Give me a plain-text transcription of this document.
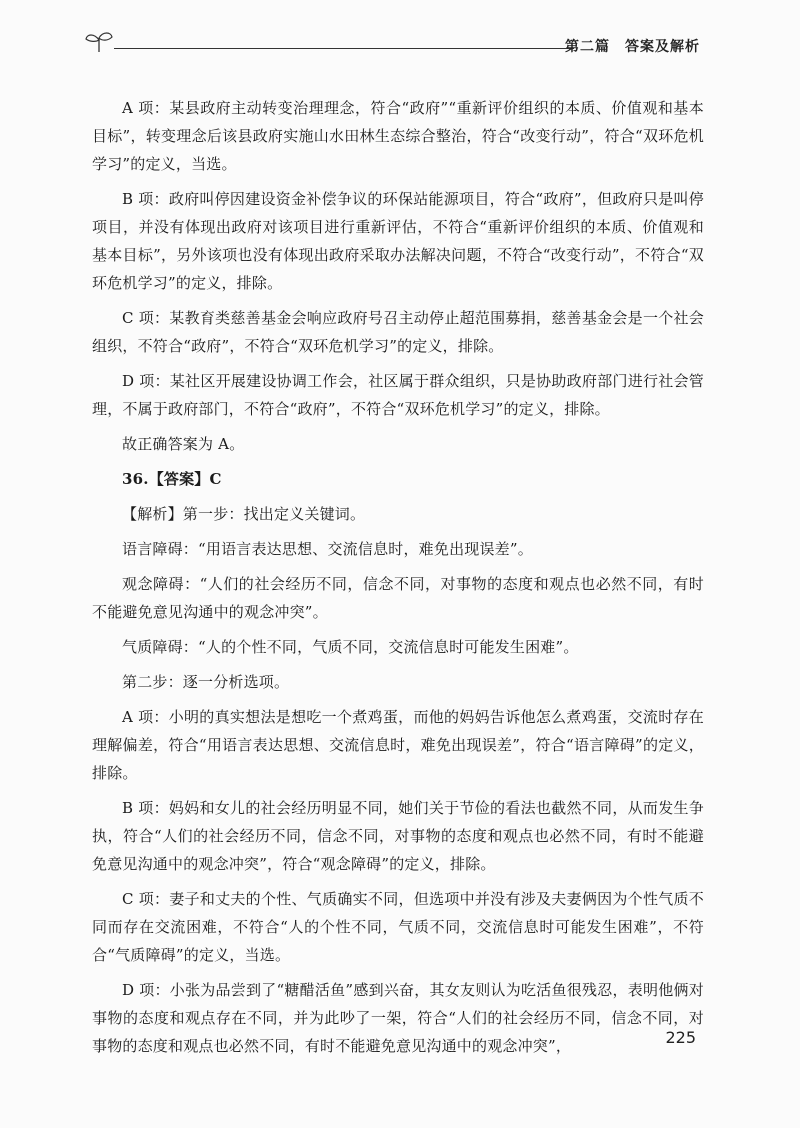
第二篇　答案及解析

A 项：某县政府主动转变治理理念，符合“政府”“重新评价组织的本质、价值观和基本目标”，转变理念后该县政府实施山水田林生态综合整治，符合“改变行动”，符合“双环危机学习”的定义，当选。

B 项：政府叫停因建设资金补偿争议的环保站能源项目，符合“政府”，但政府只是叫停项目，并没有体现出政府对该项目进行重新评估，不符合“重新评价组织的本质、价值观和基本目标”，另外该项也没有体现出政府采取办法解决问题，不符合“改变行动”，不符合“双环危机学习”的定义，排除。

C 项：某教育类慈善基金会响应政府号召主动停止超范围募捐，慈善基金会是一个社会组织，不符合“政府”，不符合“双环危机学习”的定义，排除。

D 项：某社区开展建设协调工作会，社区属于群众组织，只是协助政府部门进行社会管理，不属于政府部门，不符合“政府”，不符合“双环危机学习”的定义，排除。

故正确答案为 A。

36.【答案】C

【解析】第一步：找出定义关键词。

语言障碍：“用语言表达思想、交流信息时，难免出现误差”。

观念障碍：“人们的社会经历不同，信念不同，对事物的态度和观点也必然不同，有时不能避免意见沟通中的观念冲突”。

气质障碍：“人的个性不同，气质不同，交流信息时可能发生困难”。

第二步：逐一分析选项。

A 项：小明的真实想法是想吃一个煮鸡蛋，而他的妈妈告诉他怎么煮鸡蛋，交流时存在理解偏差，符合“用语言表达思想、交流信息时，难免出现误差”，符合“语言障碍”的定义，排除。

B 项：妈妈和女儿的社会经历明显不同，她们关于节俭的看法也截然不同，从而发生争执，符合“人们的社会经历不同，信念不同，对事物的态度和观点也必然不同，有时不能避免意见沟通中的观念冲突”，符合“观念障碍”的定义，排除。

C 项：妻子和丈夫的个性、气质确实不同，但选项中并没有涉及夫妻俩因为个性气质不同而存在交流困难，不符合“人的个性不同，气质不同，交流信息时可能发生困难”，不符合“气质障碍”的定义，当选。

D 项：小张为品尝到了“糖醋活鱼”感到兴奋，其女友则认为吃活鱼很残忍，表明他俩对事物的态度和观点存在不同，并为此吵了一架，符合“人们的社会经历不同，信念不同，对事物的态度和观点也必然不同，有时不能避免意见沟通中的观念冲突”，	225
